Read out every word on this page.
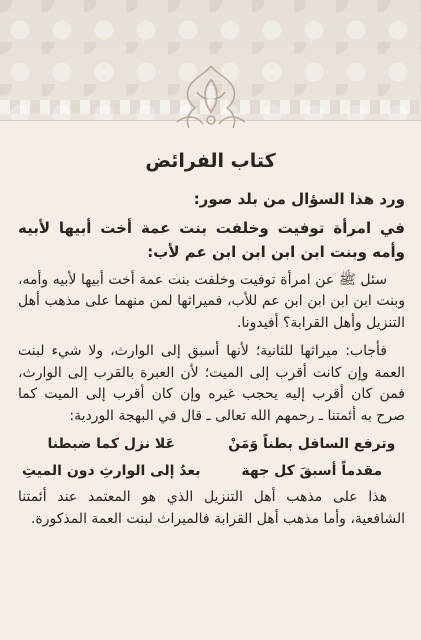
كتاب الفرائض

ورد هذا السؤال من بلد صور:

في امرأة توفيت وخلفت بنت عمة أخت أبيها لأبيه وأمه وبنت ابن ابن ابن ابن عم لأب:

سئل ﷺ عن امرأة توفيت وخلفت بنت عمة أخت أبيها لأبيه وأمه، وبنت ابن ابن ابن ابن عم للأب، فميراثها لمن منهما على مذهب أهل التنزيل وأهل القرابة؟ أفيدونا.

فأجاب: ميراثها للثانية؛ لأنها أسبق إلى الوارث، ولا شيء لبنت العمة وإن كانت أقرب إلى الميت؛ لأن العبرة بالقرب إلى الوارث، فمن كان أقرب إليه يحجب غيره وإن كان أقرب إلى الميت كما صرح به أئمتنا ـ رحمهم الله تعالى ـ قال في البهجة الوردية:

وترفع السافل بطناً وَمَنْ
عَلا نزل كما ضبطنا
مقدماً أسبقَ كل جهة
بعدُ إلى الوارثِ دون الميتِ

هذا على مذهب أهل التنزيل الذي هو المعتمد عند أئمتنا الشافعية، وأما مذهب أهل القرابة فالميراث لبنت العمة المذكورة.
